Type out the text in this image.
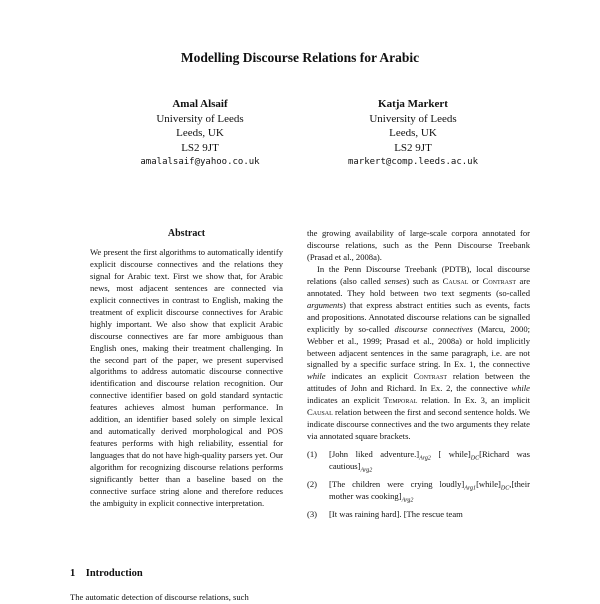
Modelling Discourse Relations for Arabic
Amal Alsaif
University of Leeds
Leeds, UK
LS2 9JT
amalalsaif@yahoo.co.uk
Katja Markert
University of Leeds
Leeds, UK
LS2 9JT
markert@comp.leeds.ac.uk
Abstract

We present the first algorithms to automatically identify explicit discourse connectives and the relations they signal for Arabic text. First we show that, for Arabic news, most adjacent sentences are connected via explicit connectives in contrast to English, making the treatment of explicit discourse connectives for Arabic highly important. We also show that explicit Arabic discourse connectives are far more ambiguous than English ones, making their treatment challenging. In the second part of the paper, we present supervised algorithms to address automatic discourse connective identification and discourse relation recognition. Our connective identifier based on gold standard syntactic features achieves almost human performance. In addition, an identifier based solely on simple lexical and automatically derived morphological and POS features performs with high reliability, essential for languages that do not have high-quality parsers yet. Our algorithm for recognizing discourse relations performs significantly better than a baseline based on the connective surface string alone and therefore reduces the ambiguity in explicit connective interpretation.

1 Introduction
The automatic detection of discourse relations, such

the growing availability of large-scale corpora annotated for discourse relations, such as the Penn Discourse Treebank (Prasad et al., 2008a).

In the Penn Discourse Treebank (PDTB), local discourse relations (also called senses) such as Causal or Contrast are annotated. They hold between two text segments (so-called arguments) that express abstract entities such as events, facts and propositions. Annotated discourse relations can be signalled explicitly by so-called discourse connectives (Marcu, 2000; Webber et al., 1999; Prasad et al., 2008a) or hold implicitly between adjacent sentences in the same paragraph, i.e. are not signalled by a specific surface string. In Ex. 1, the connective while indicates an explicit Contrast relation between the attitudes of John and Richard. In Ex. 2, the connective while indicates an explicit Temporal relation. In Ex. 3, an implicit Causal relation between the first and second sentence holds. We indicate discourse connectives and the two arguments they relate via annotated square brackets.

(1)	[John liked $adventure.]_{Arg2}$ [ $while]_{DC}[Richard$ was $cautious]_{Arg2}$
(2)	[The children were crying $loudly]_{Arg1}[while]_{DC},[their$ mother was $cooking]_{Arg2}$
(3)	[It was raining hard]. [The rescue team
